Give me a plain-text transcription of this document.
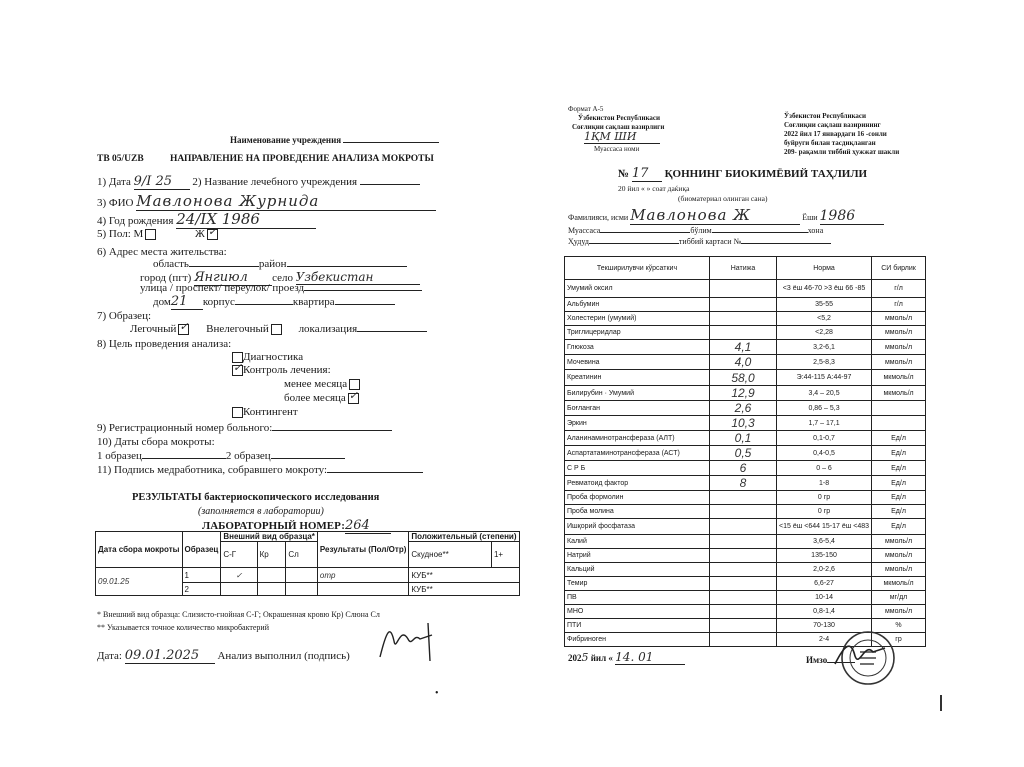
Наименование учреждения
ТВ 05/UZB	НАПРАВЛЕНИЕ НА ПРОВЕДЕНИЕ АНАЛИЗА МОКРОТЫ
1) Дата 9/I 25 2) Название лечебного учреждения
3) ФИО Мавлонова Журнида
4) Год рождения 24/IX 1986
5) Пол: М	Ж ✓
6) Адрес места жительства:
область	район
город (пгт) Янгиюл село Узбекистан
улица / проспект/ переулок/ проезд
дом21 корпус	квартира
7) Образец:
Легочный ✓ Внелегочный	локализация
8) Цель проведения анализа:
Диагностика
✓ Контроль лечения:
менее месяца
более месяца ✓
Контингент
9) Регистрационный номер больного:
10) Даты сбора мокроты:
1 образец	2 образец
11) Подпись медработника, собравшего мокроту:
РЕЗУЛЬТАТЫ бактериоскопического исследования
(заполняется в лаборатории)
ЛАБОРАТОРНЫЙ НОМЕР:264
Дата сбора мокроты	Образец	Внешний вид образца*			Результаты (Пол/Отр)	Положительный (степени)	
		С-Г	Кр	Сл		Скудное**	1+
09.01.25	1	✓			отр	КУБ**	
	2					КУБ**	
* Внешний вид образца: Слизисто-гнойная С-Г; Окрашенная кровю Кр) Слюна Сл
** Указывается точное количество микробактерий
Дата: 09.01.2025 Анализ выполнил (подпись)
•
Формат А-5
Ўзбекистон Республикаси
Соғлиқни сақлаш вазирлиги
1ҚМ ШИ
Муассаса номи
Ўзбекистон Республикаси
Соғлиқни сақлаш вазирининг
2022 йил 17 январдаги 16 -сонли
буйруги билан тасдиқланган
209- рақамли тиббий ҳужжат шакли
№ 17 ҚОННИНГ БИОКИМЁВИЙ ТАҲЛИЛИ
20 йил « » соат даќиқа
(биоматериал олинган сана)
Фамилияси, исми Мавлонова Ж	Ёши 1986
Муассаса	бўлим	хона
Ҳудуд	тиббий картаси №
Текширилувчи кўрсаткич	Натижа	Норма	СИ бирлик
Умумий оксил		<3 ёш 46-70 >3 ёш 66 -85	г/л
Альбумин		35-55	г/л
Холестерин (умумий)		<5,2	ммоль/л
Триглицеридлар		<2,28	ммоль/л
Глюкоза	4,1	3,2-6,1	ммоль/л
Мочевина	4,0	2,5-8,3	ммоль/л
Креатинин	58,0	Э:44-115 А:44-97	мкмоль/л
Билирубин · Умумий	12,9	3,4 – 20,5	мкмоль/л
Боғланган	2,6	0,86 – 5,3	
Эркин	10,3	1,7 – 17,1	
Аланинаминотрансфераза (АЛТ)	0,1	0,1-0,7	Ед/л
Аспартатаминотрансфераза (АСТ)	0,5	0,4-0,5	Ед/л
С Р Б	6	0 – 6	Ед/л
Ревматоид фактор	8	1-8	Ед/л
Проба формолин		0 гр	Ед/л
Проба молина		0 гр	Ед/л
Ишқорий фосфатаза		<15 ёш <644 15-17 ёш <483	Ед/л
Калий		3,6-5,4	ммоль/л
Натрий		135-150	ммоль/л
Кальций		2,0-2,6	ммоль/л
Темир		6,6-27	мкмоль/л
ПВ		10-14	мг/дл
МНО		0,8-1,4	ммоль/л
ПТИ		70-130	%
Фибриноген		2-4	гр
2025 йил « 14. 01	Имзо
